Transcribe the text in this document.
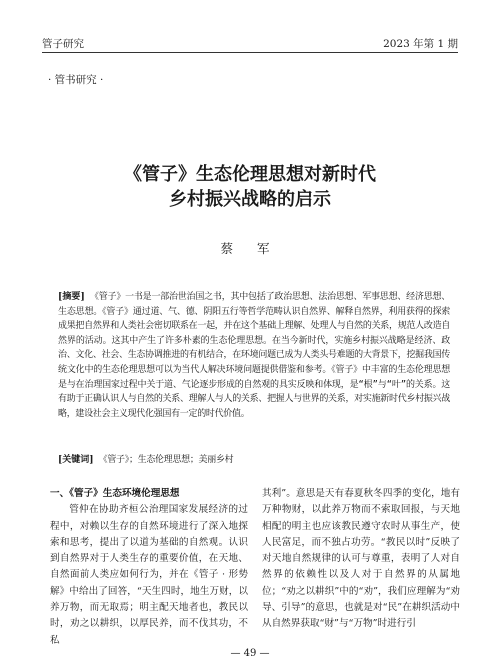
管子研究	2023 年第 1 期
· 管书研究 ·
《管子》生态伦理思想对新时代
乡村振兴战略的启示
蔡 军
[摘要] 《管子》一书是一部治世治国之书，其中包括了政治思想、法治思想、军事思想、经济思想、生态思想。《管子》通过道、气、德、阴阳五行等哲学范畴认识自然界、解释自然界，利用获得的探索成果把自然界和人类社会密切联系在一起，并在这个基础上理解、处理人与自然的关系，规范人改造自然界的活动。这其中产生了许多朴素的生态伦理思想。在当今新时代，实施乡村振兴战略是经济、政治、文化、社会、生态协调推进的有机结合，在环境问题已成为人类头号难题的大背景下，挖掘我国传统文化中的生态伦理思想可以为当代人解决环境问题提供借鉴和参考。《管子》中丰富的生态伦理思想是与在治理国家过程中关于道、气论逐步形成的自然观的具实反映和体现，是“根”与“叶”的关系。这有助于正确认识人与自然的关系、理解人与人的关系、把握人与世界的关系，对实施新时代乡村振兴战略，建设社会主义现代化强国有一定的时代价值。
[关键词] 《管子》；生态伦理思想；美丽乡村
一、《管子》生态环境伦理思想

管仲在协助齐桓公治理国家发展经济的过程中，对赖以生存的自然环境进行了深入地探索和思考，提出了以道为基础的自然观。认识到自然界对于人类生存的重要价值，在天地、自然面前人类应如何行为，并在《管子 · 形势解》中给出了回答，“天生四时，地生万财，以养万物，而无取焉；明主配天地者也，教民以时，劝之以耕织，以厚民养，而不伐其功，不私

其利”。意思是天有春夏秋冬四季的变化，地有万种物财，以此养万物而不索取回报，与天地相配的明主也应该教民遵守农时从事生产，使人民富足，而不独占功劳。“教民以时”反映了对天地自然规律的认可与尊重，表明了人对自然界的依赖性以及人对于自然界的从属地位；“劝之以耕织”中的“劝”，我们应理解为“劝导、引导”的意思，也就是对“民”在耕织活动中从自然界获取“财”与“万物”时进行引

— 49 —
